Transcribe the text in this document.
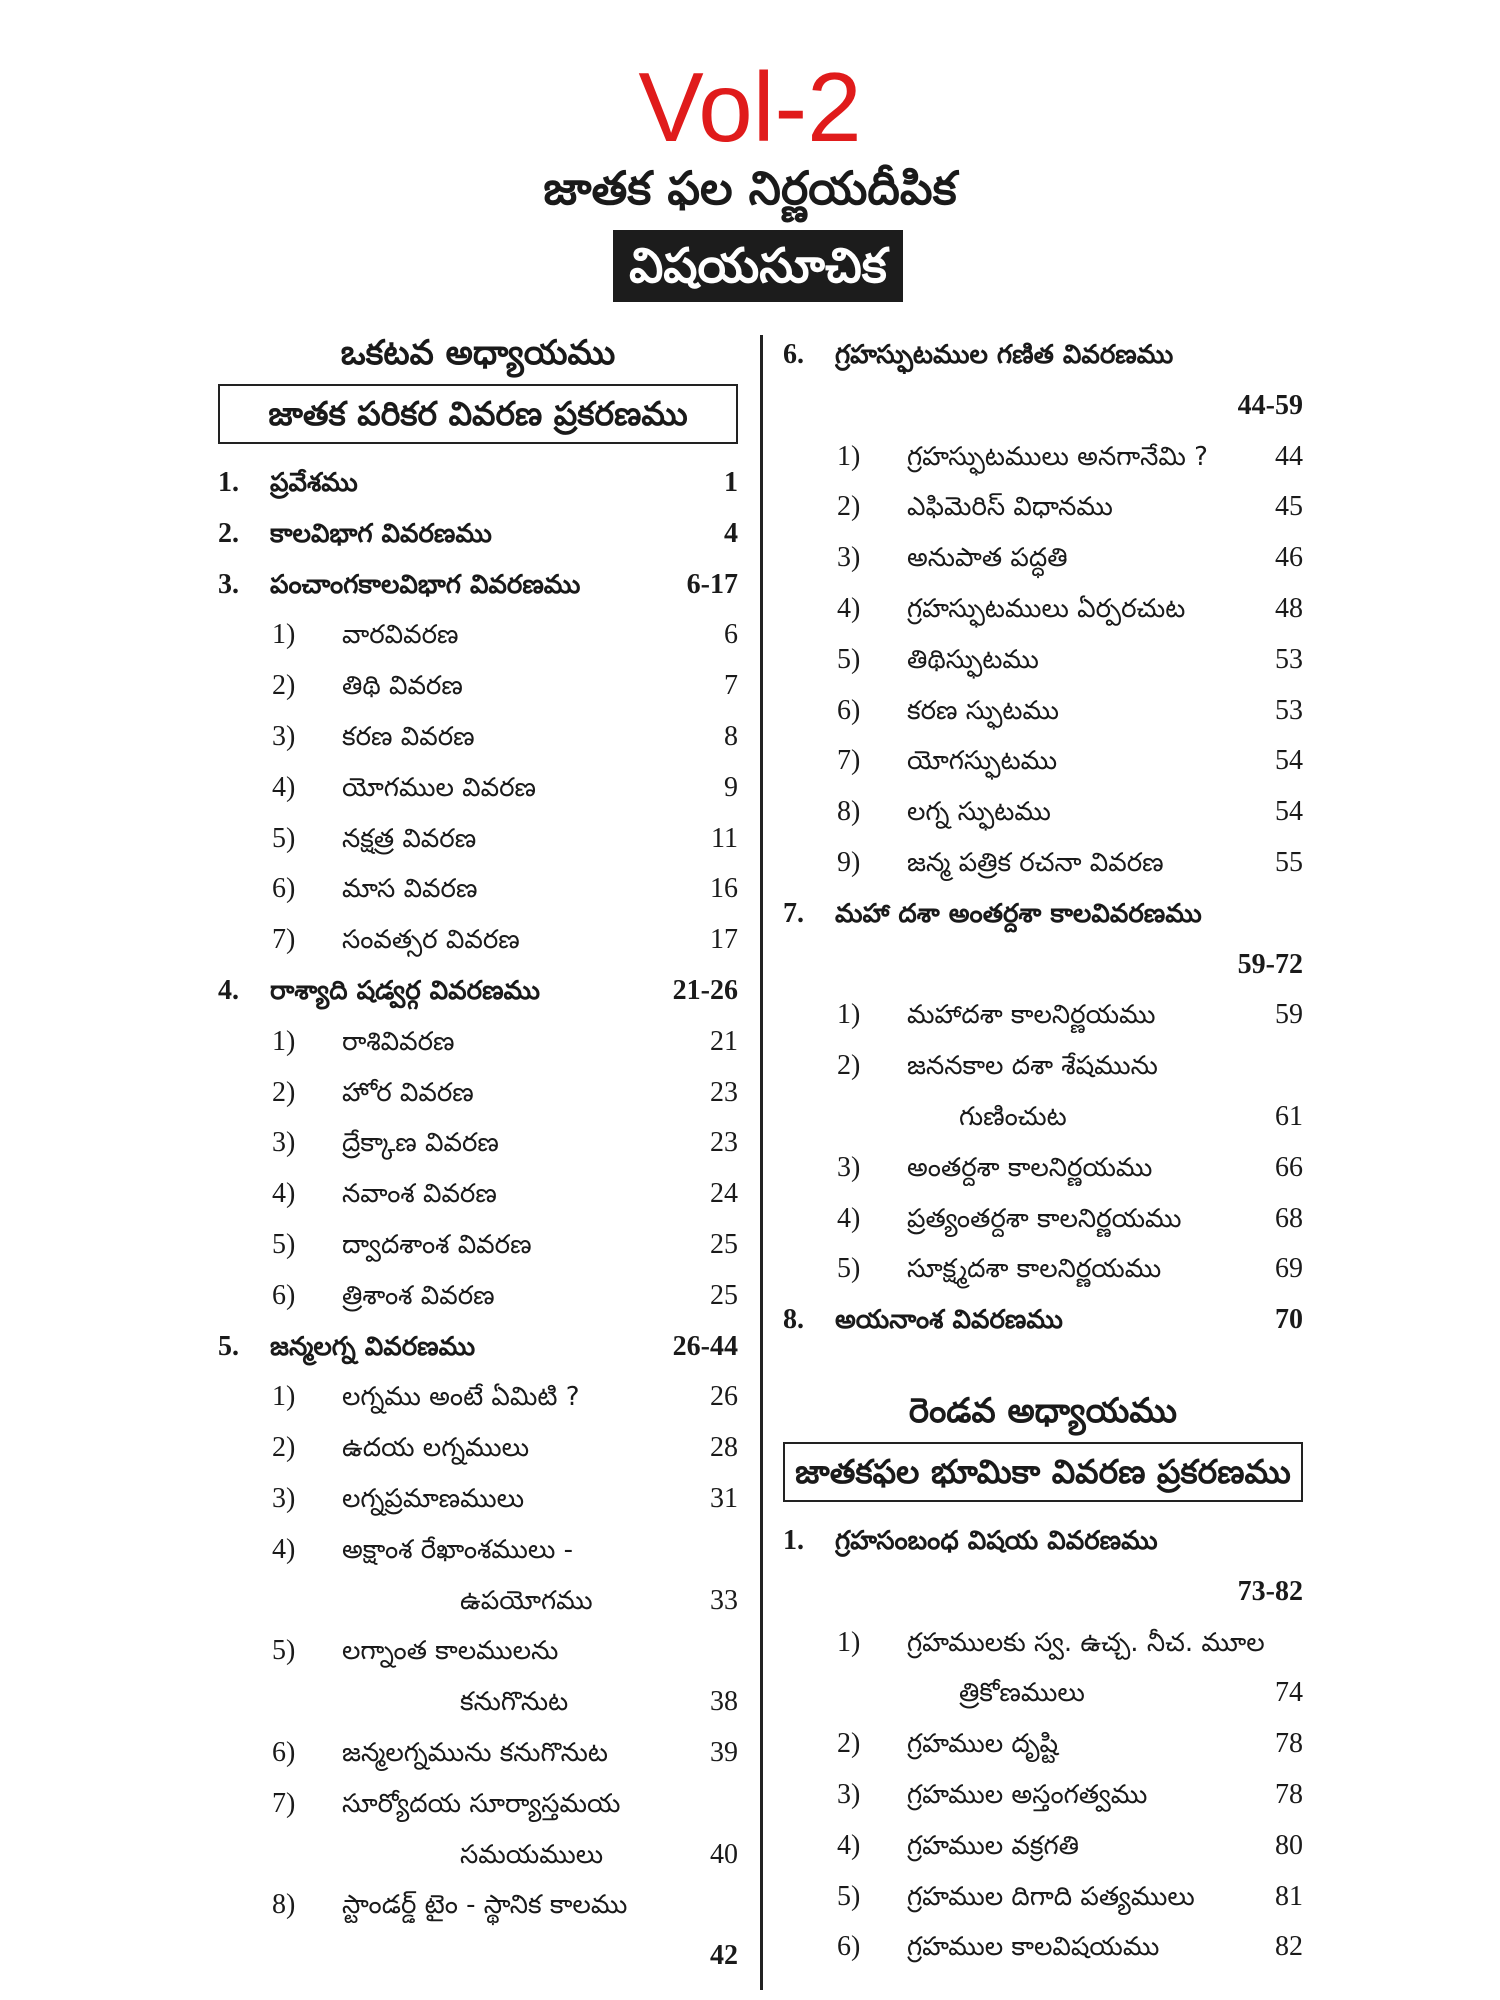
Vol-2
జాతక ఫల నిర్ణయదీపిక
విషయసూచిక
ఒకటవ అధ్యాయము
జాతక పరికర వివరణ ప్రకరణము
1.	ప్రవేశము	1
2.	కాలవిభాగ వివరణము	4
3.	పంచాంగకాలవిభాగ వివరణము	6-17
1)	వారవివరణ	6
2)	తిథి వివరణ	7
3)	కరణ వివరణ	8
4)	యోగముల వివరణ	9
5)	నక్షత్ర వివరణ	11
6)	మాస వివరణ	16
7)	సంవత్సర వివరణ	17
4.	రాశ్యాది షడ్వర్గ వివరణము	21-26
1)	రాశివివరణ	21
2)	హోర వివరణ	23
3)	ద్రేక్కాణ వివరణ	23
4)	నవాంశ వివరణ	24
5)	ద్వాదశాంశ వివరణ	25
6)	త్రిశాంశ వివరణ	25
5.	జన్మలగ్న వివరణము	26-44
1)	లగ్నము అంటే ఏమిటి ?	26
2)	ఉదయ లగ్నములు	28
3)	లగ్నప్రమాణములు	31
4)	అక్షాంశ రేఖాంశములు -
ఉపయోగము	33
5)	లగ్నాంత కాలములను
కనుగొనుట	38
6)	జన్మలగ్నమును కనుగొనుట	39
7)	సూర్యోదయ సూర్యాస్తమయ
సమయములు	40
8)	స్టాండర్డ్ టైం - స్థానిక కాలము
42
6.	గ్రహస్ఫుటముల గణిత వివరణము
44-59
1)	గ్రహస్ఫుటములు అనగానేమి ?	44
2)	ఎఫిమెరిస్ విధానము	45
3)	అనుపాత పద్ధతి	46
4)	గ్రహస్ఫుటములు ఏర్పరచుట	48
5)	తిథిస్ఫుటము	53
6)	కరణ స్ఫుటము	53
7)	యోగస్ఫుటము	54
8)	లగ్న స్ఫుటము	54
9)	జన్మ పత్రిక రచనా వివరణ	55
7.	మహా దశా అంతర్దశా కాలవివరణము
59-72
1)	మహాదశా కాలనిర్ణయము	59
2)	జననకాల దశా శేషమును
గుణించుట	61
3)	అంతర్దశా కాలనిర్ణయము	66
4)	ప్రత్యంతర్దశా కాలనిర్ణయము	68
5)	సూక్ష్మదశా కాలనిర్ణయము	69
8.	అయనాంశ వివరణము	70
రెండవ అధ్యాయము
జాతకఫల భూమికా వివరణ ప్రకరణము
1.	గ్రహసంబంధ విషయ వివరణము
73-82
1)	గ్రహములకు స్వ. ఉచ్చ. నీచ. మూల
త్రికోణములు	74
2)	గ్రహముల దృష్టి	78
3)	గ్రహముల అస్తంగత్వము	78
4)	గ్రహముల వక్రగతి	80
5)	గ్రహముల దిగాది పత్యములు	81
6)	గ్రహముల కాలవిషయము	82
